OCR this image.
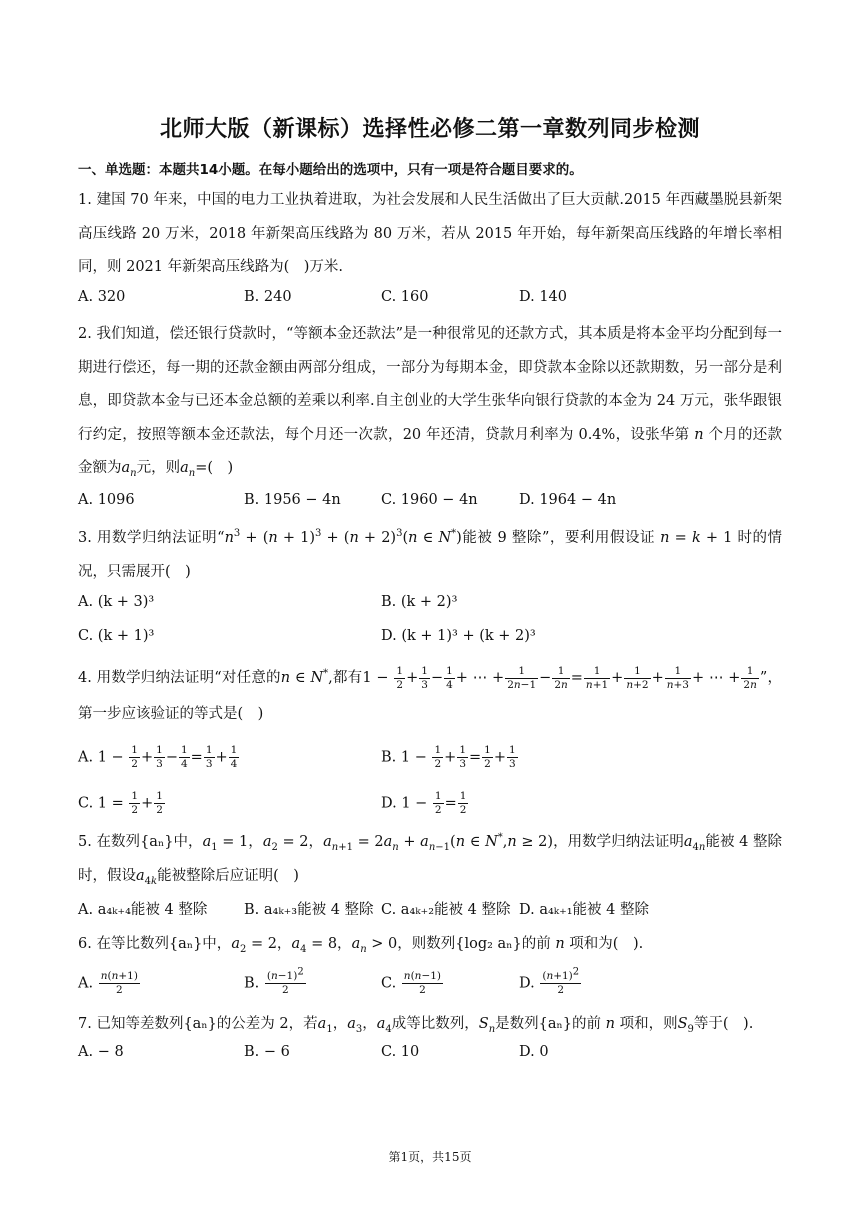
北师大版（新课标）选择性必修二第一章数列同步检测
一、单选题：本题共14小题。在每小题给出的选项中，只有一项是符合题目要求的。
1. 建国 70 年来，中国的电力工业执着进取，为社会发展和人民生活做出了巨大贡献.2015 年西藏墨脱县新架高压线路 20 万米，2018 年新架高压线路为 80 万米，若从 2015 年开始，每年新架高压线路的年增长率相同，则 2021 年新架高压线路为(　)万米.
A. 320	B. 240	C. 160	D. 140
2. 我们知道，偿还银行贷款时，“等额本金还款法”是一种很常见的还款方式，其本质是将本金平均分配到每一期进行偿还，每一期的还款金额由两部分组成，一部分为每期本金，即贷款本金除以还款期数，另一部分是利息，即贷款本金与已还本金总额的差乘以利率.自主创业的大学生张华向银行贷款的本金为 24 万元，张华跟银行约定，按照等额本金还款法，每个月还一次款，20 年还清，贷款月利率为 0.4%，设张华第 n 个月的还款金额为$a_n$元，则$a_n=$(　)
A. 1096	B. 1956 − 4n	C. 1960 − 4n	D. 1964 − 4n
3. 用数学归纳法证明“$n^3 + (n + 1)^3 + (n + 2)^3(n$ ∈ N*)能被 9 整除”，要利用假设证 n = k + 1 时的情况，只需展开(　)
A. (k + 3)³	B. (k + 2)³
C. (k + 1)³	D. (k + 1)³ + (k + 2)³
4. 用数学归纳法证明“对任意的n ∈ N*,都有$1 - \frac{1}{2} + \frac{1}{3} - \frac{1}{4}$ + ⋯ + $\frac{1}{2n-1} - \frac{1}{2n} = \frac{1}{n+1} + \frac{1}{n+2} + \frac{1}{n+3}$ + ⋯ + $\frac{1}{2n}$ ”，第一步应该验证的等式是(　)
A. $1 - \frac{1}{2} + \frac{1}{3} - \frac{1}{4} = \frac{1}{3} + \frac{1}{4}$	B. $1 - \frac{1}{2} + \frac{1}{3} = \frac{1}{2} + \frac{1}{3}$
C. $1 = \frac{1}{2} + \frac{1}{2}$	D. $1 - \frac{1}{2} = \frac{1}{2}$
5. 在数列{aₙ}中，$a_1 = 1$，$a_2 = 2$，$a_{n+1} = 2a_n + a_{n-1}(n$ ∈ N*,n ≥ 2)，用数学归纳法证明$a_{4n}$能被 4 整除时，假设$a_{4k}$能被整除后应证明(　)
A. a₄ₖ₊₄能被 4 整除	B. a₄ₖ₊₃能被 4 整除 C. a₄ₖ₊₂能被 4 整除 D. a₄ₖ₊₁能被 4 整除
6. 在等比数列{aₙ}中，$a_2 = 2$，$a_4 = 8$，$a_n > 0$，则数列{log₂ aₙ}的前 n 项和为(　).
A. $\frac{n(n+1)}{2}$	B. $\frac{(n-1)^2}{2}$	C. $\frac{n(n-1)}{2}$	D. $\frac{(n+1)^2}{2}$
7. 已知等差数列{aₙ}的公差为 2，若$a_1$，$a_3$，$a_4$成等比数列，$S_n$是数列{aₙ}的前 n 项和，则$S_9$等于(　).
A. − 8	B. − 6	C. 10	D. 0
第1页，共15页
